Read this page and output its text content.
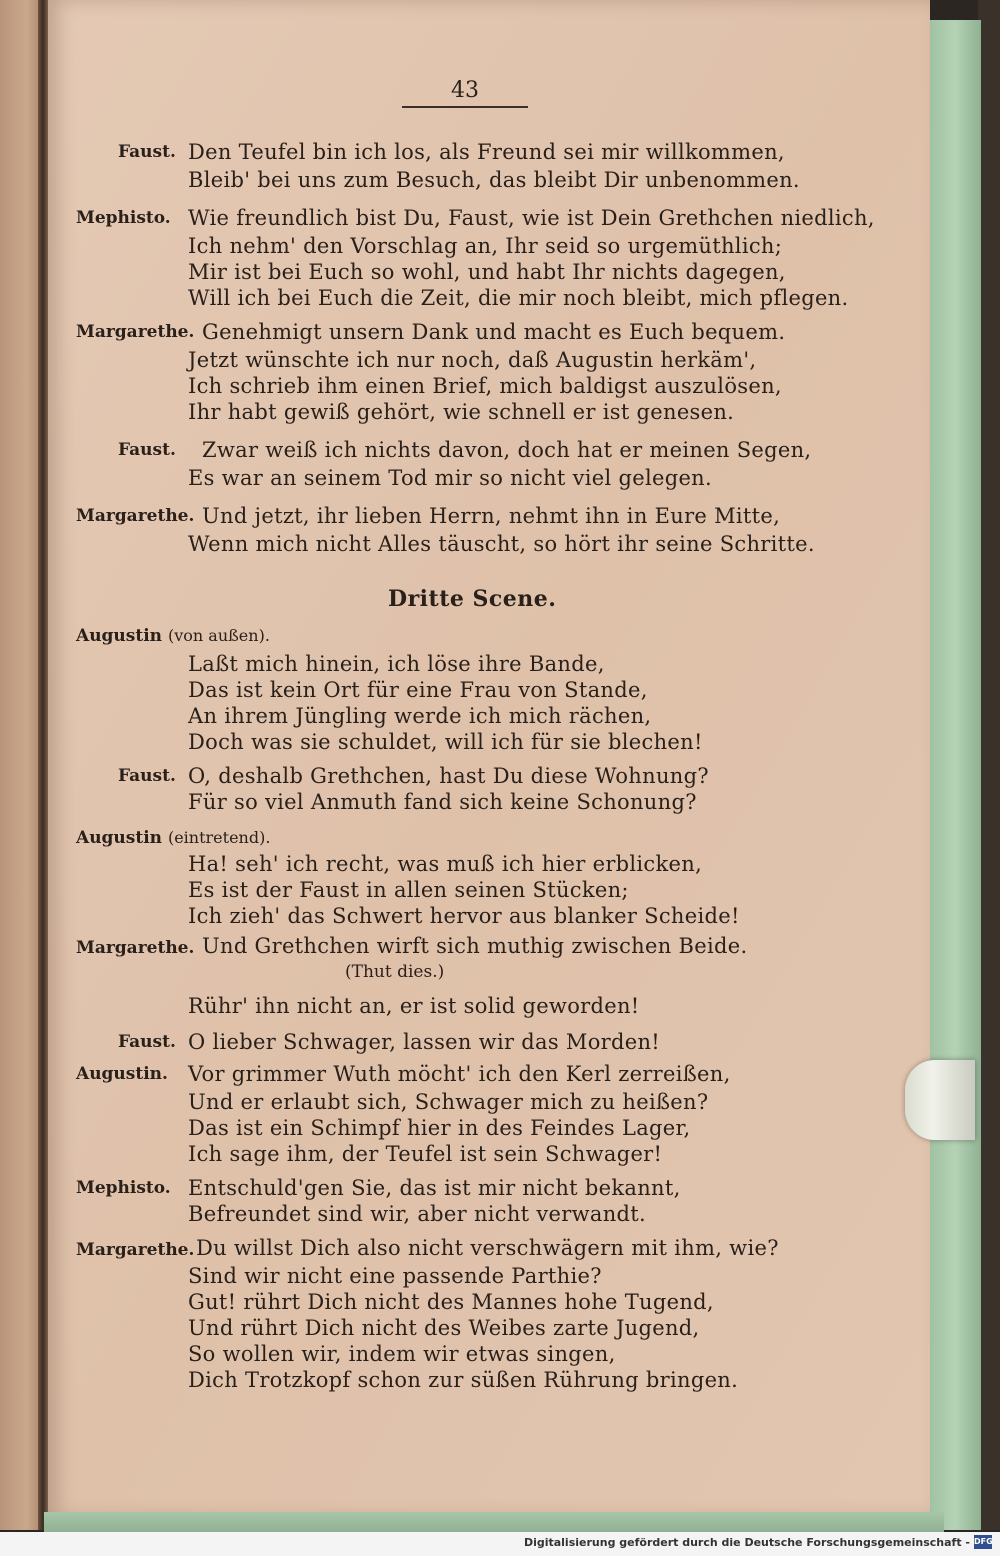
43
Faust. Den Teufel bin ich los, als Freund sei mir willkommen,
Bleib' bei uns zum Besuch, das bleibt Dir unbenommen.
Mephisto. Wie freundlich bist Du, Faust, wie ist Dein Grethchen niedlich,
Ich nehm' den Vorschlag an, Ihr seid so urgemüthlich;
Mir ist bei Euch so wohl, und habt Ihr nichts dagegen,
Will ich bei Euch die Zeit, die mir noch bleibt, mich pflegen.
Margarethe. Genehmigt unsern Dank und macht es Euch bequem.
Jetzt wünschte ich nur noch, daß Augustin herkäm',
Ich schrieb ihm einen Brief, mich baldigst auszulösen,
Ihr habt gewiß gehört, wie schnell er ist genesen.
Faust. Zwar weiß ich nichts davon, doch hat er meinen Segen,
Es war an seinem Tod mir so nicht viel gelegen.
Margarethe. Und jetzt, ihr lieben Herrn, nehmt ihn in Eure Mitte,
Wenn mich nicht Alles täuscht, so hört ihr seine Schritte.
Dritte Scene.
Augustin (von außen).
Laßt mich hinein, ich löse ihre Bande,
Das ist kein Ort für eine Frau von Stande,
An ihrem Jüngling werde ich mich rächen,
Doch was sie schuldet, will ich für sie blechen!
Faust. O, deshalb Grethchen, hast Du diese Wohnung?
Für so viel Anmuth fand sich keine Schonung?
Augustin (eintretend).
Ha! seh' ich recht, was muß ich hier erblicken,
Es ist der Faust in allen seinen Stücken;
Ich zieh' das Schwert hervor aus blanker Scheide!
Margarethe. Und Grethchen wirft sich muthig zwischen Beide.
(Thut dies.)
Rühr' ihn nicht an, er ist solid geworden!
Faust. O lieber Schwager, lassen wir das Morden!
Augustin. Vor grimmer Wuth möcht' ich den Kerl zerreißen,
Und er erlaubt sich, Schwager mich zu heißen?
Das ist ein Schimpf hier in des Feindes Lager,
Ich sage ihm, der Teufel ist sein Schwager!
Mephisto. Entschuld'gen Sie, das ist mir nicht bekannt,
Befreundet sind wir, aber nicht verwandt.
Margarethe. Du willst Dich also nicht verschwägern mit ihm, wie?
Sind wir nicht eine passende Parthie?
Gut! rührt Dich nicht des Mannes hohe Tugend,
Und rührt Dich nicht des Weibes zarte Jugend,
So wollen wir, indem wir etwas singen,
Dich Trotzkopf schon zur süßen Rührung bringen.
Digitalisierung gefördert durch die Deutsche Forschungsgemeinschaft - DFG
